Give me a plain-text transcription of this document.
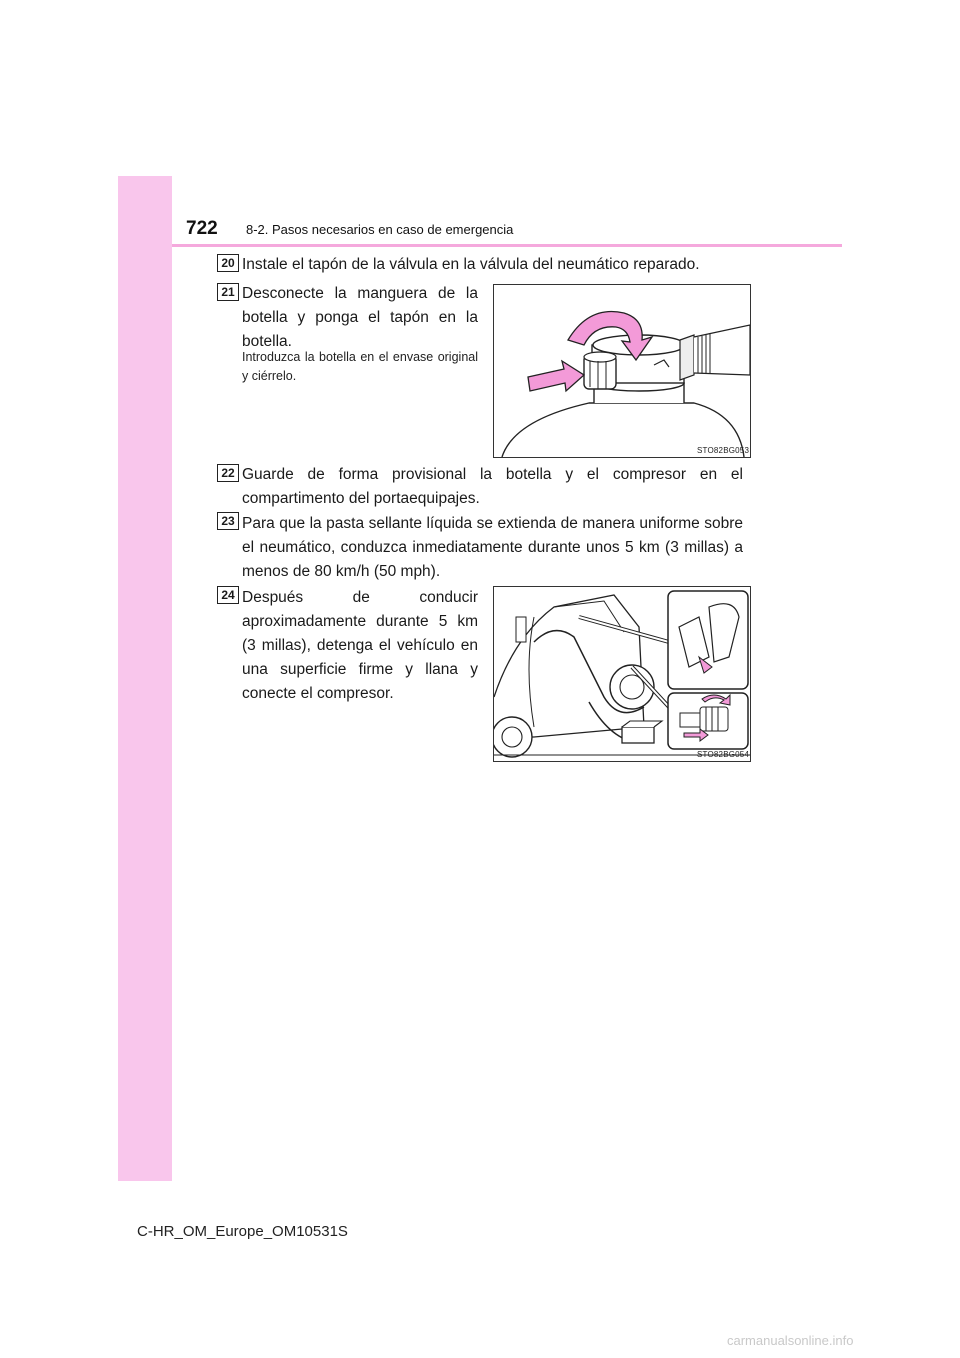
722 8-2. Pasos necesarios en caso de emergencia
20 Instale el tapón de la válvula en la válvula del neumático reparado.
21 Desconecte la manguera de la botella y ponga el tapón en la botella.
Introduzca la botella en el envase original y ciérrelo.
STO82BG053
22 Guarde de forma provisional la botella y el compresor en el compartimento del portaequipajes.
23 Para que la pasta sellante líquida se extienda de manera uniforme sobre el neumático, conduzca inmediatamente durante unos 5 km (3 millas) a menos de 80 km/h (50 mph).
24 Después de conducir aproximadamente durante 5 km (3 millas), detenga el vehículo en una superficie firme y llana y conecte el compresor.
STO82BG054
C-HR_OM_Europe_OM10531S
carmanualsonline.info
